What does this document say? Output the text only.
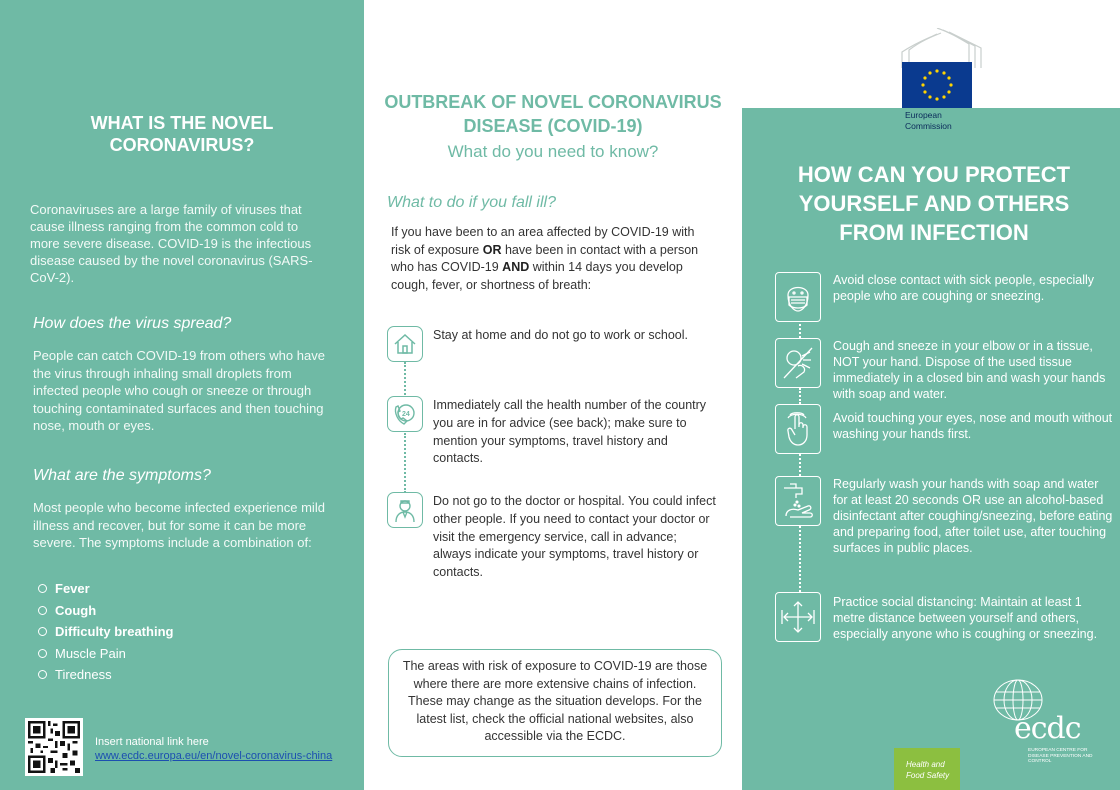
WHAT IS THE NOVEL CORONAVIRUS?

Coronaviruses are a large family of viruses that cause illness ranging from the common cold to more severe disease. COVID-19 is the infectious disease caused by the novel coronavirus (SARS-CoV-2).

How does the virus spread?

People can catch COVID-19 from others who have the virus through inhaling small droplets from infected people who cough or sneeze or through touching contaminated surfaces and then touching nose, mouth or eyes.

What are the symptoms?

Most people who become infected experience mild illness and recover, but for some it can be more severe. The symptoms include a combination of:

Fever
Cough
Difficulty breathing
Muscle Pain
Tiredness
Insert national link here
www.ecdc.europa.eu/en/novel-coronavirus-china
OUTBREAK OF NOVEL CORONAVIRUS DISEASE (COVID-19)
What do you need to know?
What to do if you fall ill?

If you have been to an area affected by COVID-19 with risk of exposure OR have been in contact with a person who has COVID-19 AND within 14 days you develop cough, fever, or shortness of breath:

Stay at home and do not go to work or school.
24
Immediately call the health number of the country you are in for advice (see back); make sure to mention your symptoms, travel history and contacts.
Do not go to the doctor or hospital. You could infect other people. If you need to contact your doctor or visit the emergency service, call in advance; always indicate your symptoms, travel history or contacts.
The areas with risk of exposure to COVID-19 are those where there are more extensive chains of infection. These may change as the situation develops. For the latest list, check the official national websites, also accessible via the ECDC.
European Commission
HOW CAN YOU PROTECT YOURSELF AND OTHERS FROM INFECTION
Avoid close contact with sick people, especially people who are coughing or sneezing.
Cough and sneeze in your elbow or in a tissue, NOT your hand. Dispose of the used tissue immediately in a closed bin and wash your hands with soap and water.
Avoid touching your eyes, nose and mouth without washing your hands first.
Regularly wash your hands with soap and water for at least 20 seconds OR use an alcohol-based disinfectant after coughing/sneezing, before eating and preparing food, after toilet use, after touching surfaces in public places.
Practice social distancing: Maintain at least 1 metre distance between yourself and others, especially anyone who is coughing or sneezing.
Health and
Food Safety
ecdc
EUROPEAN CENTRE FOR DISEASE PREVENTION AND CONTROL
